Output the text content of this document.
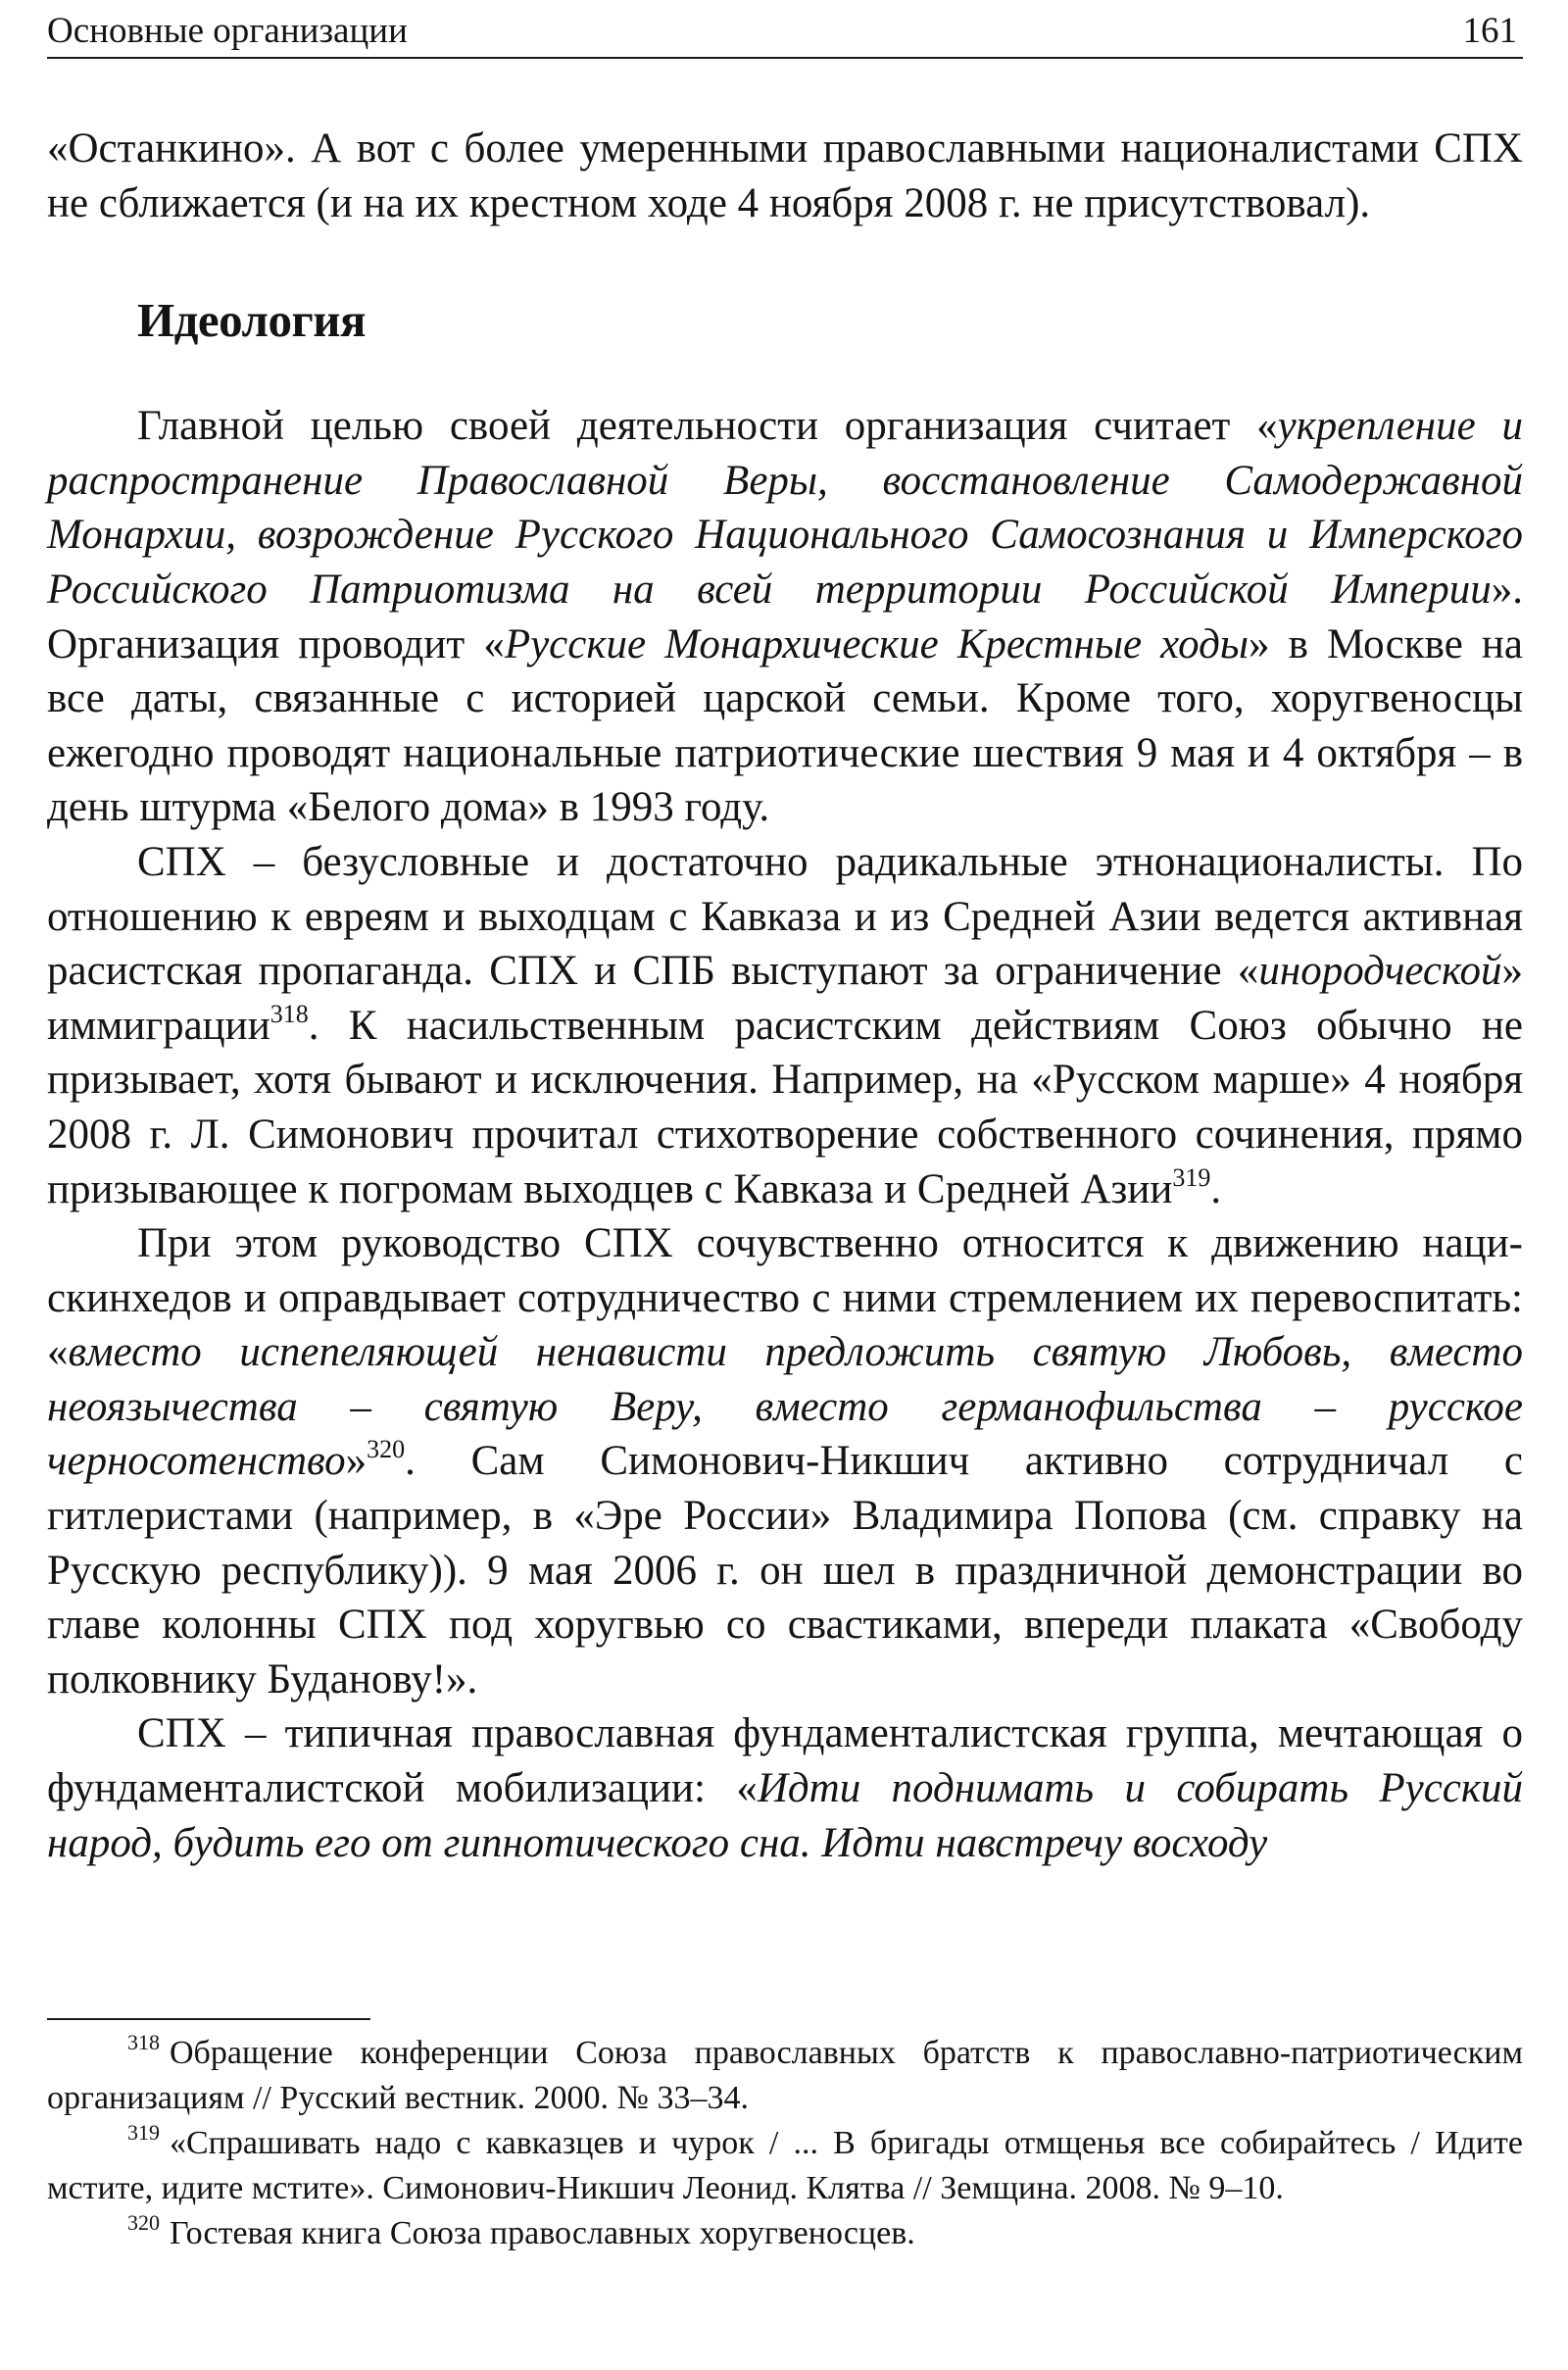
Основные организации	161

«Останкино». А вот с более умеренными православными националистами СПХ не сближается (и на их крестном ходе 4 ноября 2008 г. не присутствовал).

Идеология

Главной целью своей деятельности организация считает «укрепление и распространение Православной Веры, восстановление Самодержавной Монархии, возрождение Русского Национального Самосознания и Имперского Российского Патриотизма на всей территории Российской Империи». Организация проводит «Русские Монархические Крестные ходы» в Москве на все даты, связанные с историей царской семьи. Кроме того, хоругвеносцы ежегодно проводят национальные патриотические шествия 9 мая и 4 октября – в день штурма «Белого дома» в 1993 году.

СПХ – безусловные и достаточно радикальные этнонационалисты. По отношению к евреям и выходцам с Кавказа и из Средней Азии ведется активная расистская пропаганда. СПХ и СПБ выступают за ограничение «инородческой» иммиграции$^{318}$. К насильственным расистским действиям Союз обычно не призывает, хотя бывают и исключения. Например, на «Русском марше» 4 ноября 2008 г. Л. Симонович прочитал стихотворение собственного сочинения, прямо призывающее к погромам выходцев с Кавказа и Средней Азии$^{319}$.

При этом руководство СПХ сочувственно относится к движению наци-скинхедов и оправдывает сотрудничество с ними стремлением их перевоспитать: «вместо испепеляющей ненависти предложить святую Любовь, вместо неоязычества – святую Веру, вместо германофильства – русское черносотенство»$^{320}$. Сам Симонович-Никшич активно сотрудничал с гитлеристами (например, в «Эре России» Владимира Попова (см. справку на Русскую республику)). 9 мая 2006 г. он шел в праздничной демонстрации во главе колонны СПХ под хоругвью со свастиками, впереди плаката «Свободу полковнику Буданову!».

СПХ – типичная православная фундаменталистская группа, мечтающая о фундаменталистской мобилизации: «Идти поднимать и собирать Русский народ, будить его от гипнотического сна. Идти навстречу восходу

$^{318}$ Обращение конференции Союза православных братств к православно-патриотическим организациям // Русский вестник. 2000. № 33–34.

$^{319}$ «Спрашивать надо с кавказцев и чурок / ... В бригады отмщенья все собирайтесь / Идите мстите, идите мстите». Симонович-Никшич Леонид. Клятва // Земщина. 2008. № 9–10.

$^{320}$ Гостевая книга Союза православных хоругвеносцев.
